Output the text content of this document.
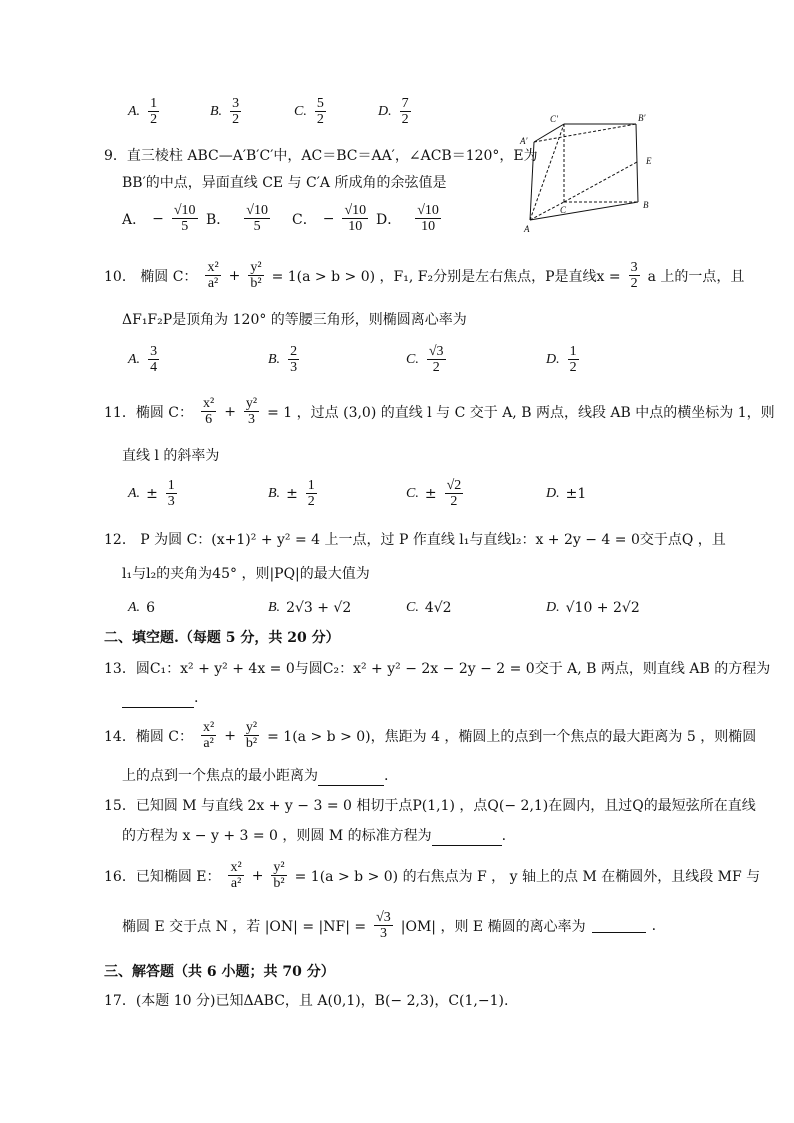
A. $\frac{1}{2}$	B. $\frac{3}{2}$	C. $\frac{5}{2}$	D. $\frac{7}{2}$
9．直三棱柱 ABC—A′B′C′中，AC＝BC＝AA′，∠ACB＝120°，E为
BB′的中点，异面直线 CE 与 C′A 所成角的余弦值是
A． − $\frac{√10}{5}$ B． $\frac{√10}{5}$ C． − $\frac{√10}{10}$ D． $\frac{√10}{10}$
C′	B′
A′
E
C	B
A
10． 椭圆 C： $\frac{\text{x²}}{\text{a²}} + \frac{\text{y²}}{\text{b²}} = 1(a > b > 0)$ ，F₁, F₂分别是左右焦点，P是直线$x = \frac{3}{2}$ a 上的一点，且
ΔF₁F₂P是顶角为 120° 的等腰三角形，则椭圆离心率为
A. $\frac{3}{4}$	B. $\frac{2}{3}$	C. $\frac{√3}{2}$	D. $\frac{1}{2}$
11．椭圆 C： $\frac{\text{x²}}{6} + \frac{\text{y²}}{3} = 1$ ，过点 (3,0) 的直线 l 与 C 交于 A, B 两点，线段 AB 中点的横坐标为 1，则
直线 l 的斜率为
A. ± $\frac{1}{3}$	B. ± $\frac{1}{2}$	C. ± $\frac{√2}{2}$	D. ±1
12． P 为圆 C：(x+1)² + y² = 4 上一点，过 P 作直线 l₁与直线l₂：x + 2y − 4 = 0交于点Q ，且
l₁与l₂的夹角为45° ，则|PQ|的最大值为
A. 6	B. 2√3 + √2	C. 4√2	D. √10 + 2√2
二、填空题.（每题 5 分，共 20 分）
13．圆C₁：x² + y² + 4x = 0与圆C₂：x² + y² − 2x − 2y − 2 = 0交于 A, B 两点，则直线 AB 的方程为
.
14．椭圆 C： $\frac{\text{x²}}{\text{a²}} + \frac{\text{y²}}{\text{b²}} = 1(a > b > 0)$，焦距为 4 ，椭圆上的点到一个焦点的最大距离为 5 ，则椭圆
上的点到一个焦点的最小距离为	.
15．已知圆 M 与直线 2x + y − 3 = 0 相切于点P(1,1) ，点Q(− 2,1)在圆内，且过Q的最短弦所在直线
的方程为 x − y + 3 = 0 ，则圆 M 的标准方程为	.
16．已知椭圆 E： $\frac{\text{x²}}{\text{a²}} + \frac{\text{y²}}{\text{b²}} = 1(a > b > 0)$ 的右焦点为 F ， y 轴上的点 M 在椭圆外，且线段 MF 与
椭圆 E 交于点 N ，若 $|ON| = |NF| = \frac{√3}{3} |OM|$ ，则 E 椭圆的离心率为	.
三、解答题（共 6 小题；共 70 分）
17．(本题 10 分)已知ΔABC，且 A(0,1)，B(− 2,3)，C(1,−1).
